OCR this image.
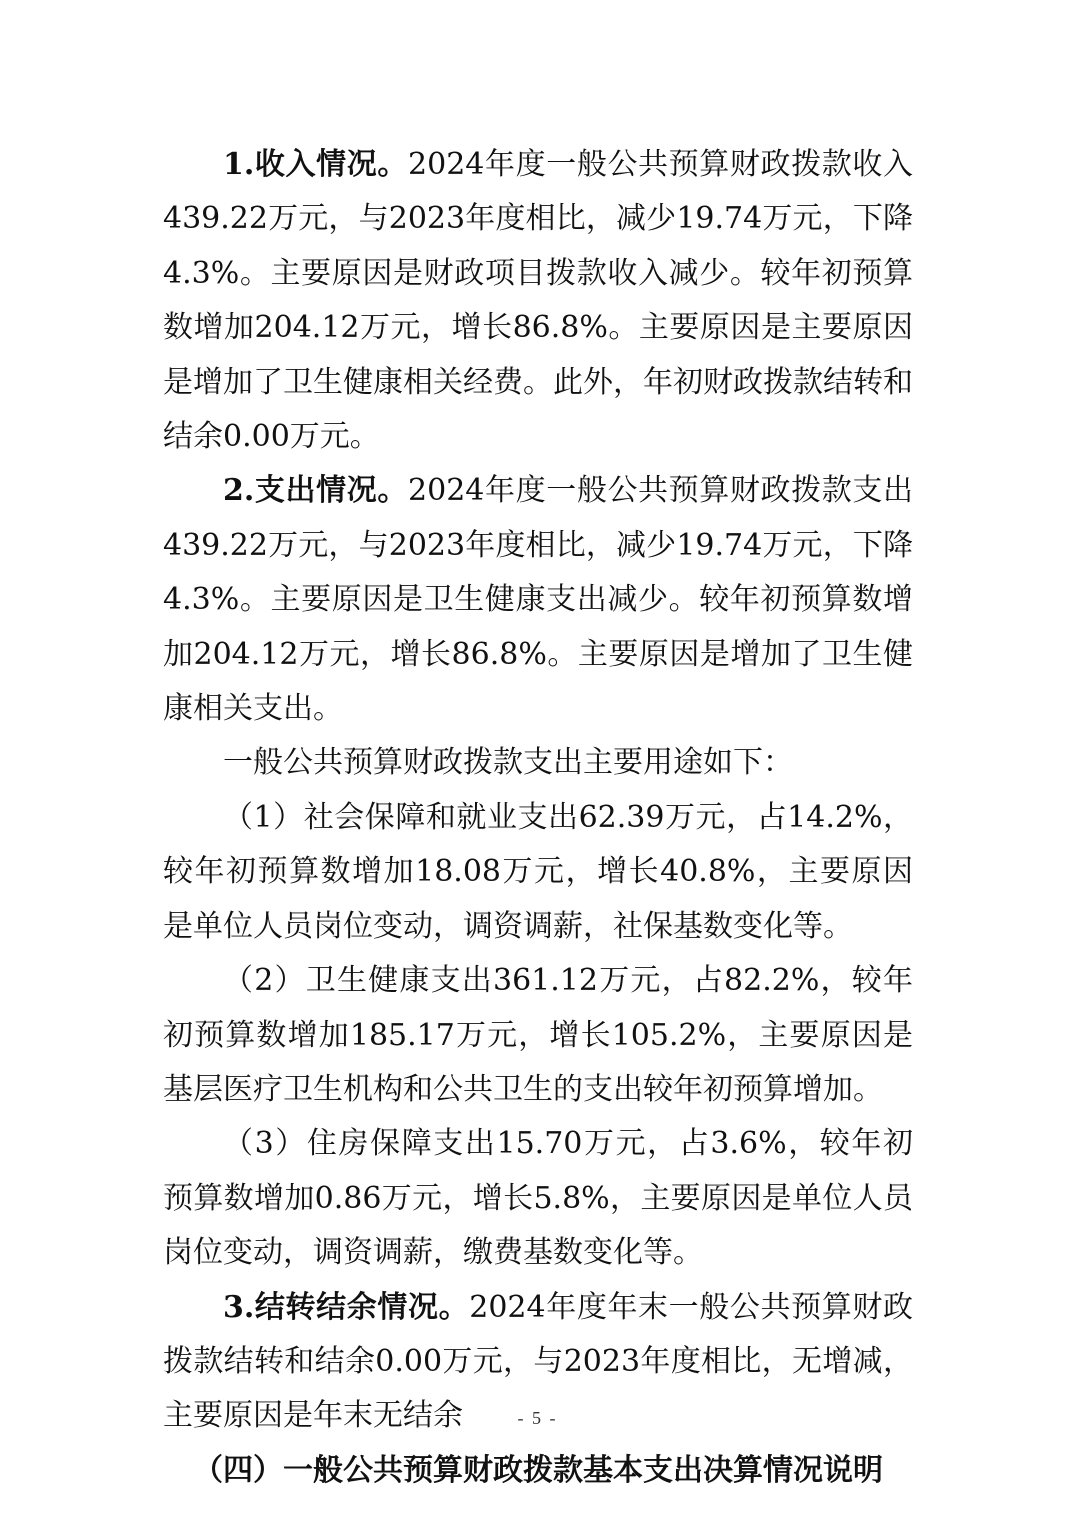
1.收入情况。2024年度一般公共预算财政拨款收入439.22万元，与2023年度相比，减少19.74万元，下降4.3%。主要原因是财政项目拨款收入减少。较年初预算数增加204.12万元，增长86.8%。主要原因是主要原因是增加了卫生健康相关经费。此外，年初财政拨款结转和结余0.00万元。

2.支出情况。2024年度一般公共预算财政拨款支出439.22万元，与2023年度相比，减少19.74万元，下降4.3%。主要原因是卫生健康支出减少。较年初预算数增加204.12万元，增长86.8%。主要原因是增加了卫生健康相关支出。

一般公共预算财政拨款支出主要用途如下：

（1）社会保障和就业支出62.39万元，占14.2%，较年初预算数增加18.08万元，增长40.8%，主要原因是单位人员岗位变动，调资调薪，社保基数变化等。

（2）卫生健康支出361.12万元，占82.2%，较年初预算数增加185.17万元，增长105.2%，主要原因是基层医疗卫生机构和公共卫生的支出较年初预算增加。

（3）住房保障支出15.70万元，占3.6%，较年初预算数增加0.86万元，增长5.8%，主要原因是单位人员岗位变动，调资调薪，缴费基数变化等。

3.结转结余情况。2024年度年末一般公共预算财政拨款结转和结余0.00万元，与2023年度相比，无增减，主要原因是年末无结余

（四）一般公共预算财政拨款基本支出决算情况说明
- 5 -
